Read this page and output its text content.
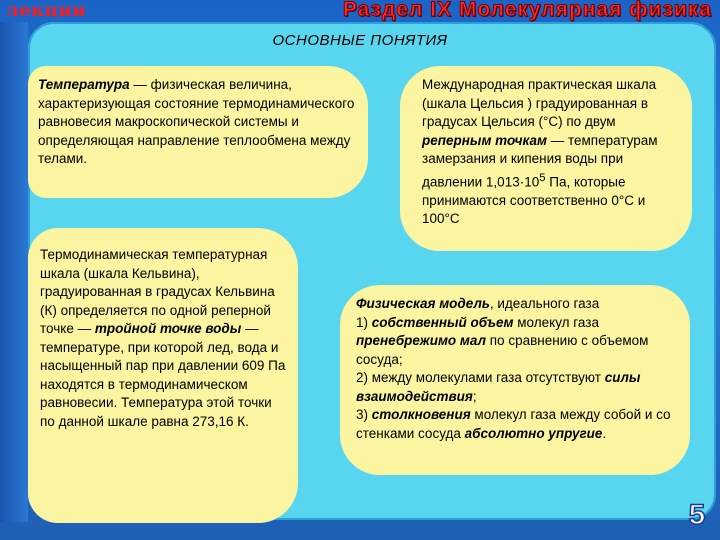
лекции	Раздел IX Молекулярная физика
ОСНОВНЫЕ ПОНЯТИЯ
Температура — физическая величина, характеризующая состояние термодинамического равновесия макроскопической системы и определяющая направление теплообмена между телами.
Международная практическая шкала (шкала Цельсия ) градуированная в градусах Цельсия (°С) по двум реперным точкам — температурам замерзания и кипения воды при давлении $1,013\cdot 10^5$ Па, которые принимаются соответственно 0°С и 100°С
Термодинамическая температурная шкала (шкала Кельвина), градуированная в градусах Кельвина (К) определяется по одной реперной точке — тройной точке воды — температуре, при которой лед, вода и насыщенный пар при давлении 609 Па находятся в термодинамическом равновесии. Температура этой точки по данной шкале равна 273,16 К.
Физическая модель, идеального газа
1) собственный объем молекул газа пренебрежимо мал по сравнению с объемом сосуда;
2) между молекулами газа отсутствуют силы взаимодействия;
3) столкновения молекул газа между собой и со стенками сосуда абсолютно упругие.
5
